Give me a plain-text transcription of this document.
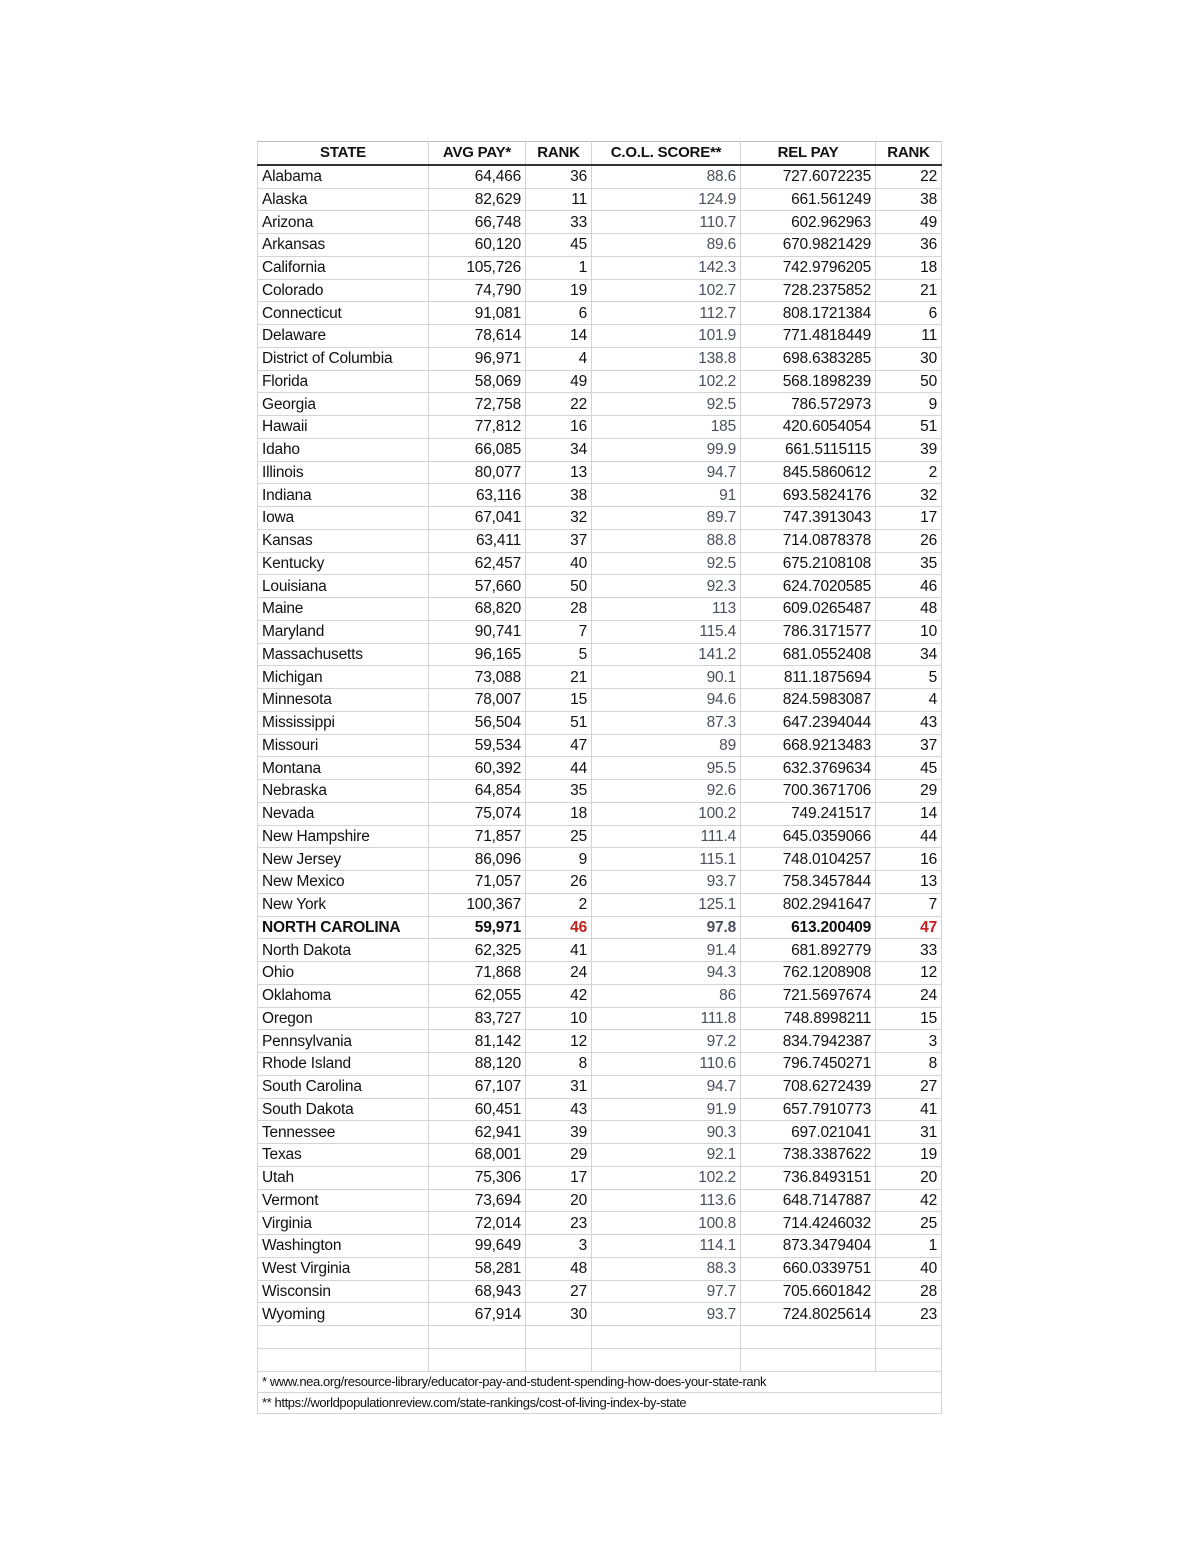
STATE	AVG PAY*	RANK	C.O.L. SCORE**	REL PAY	RANK
Alabama	64,466	36	88.6	727.6072235	22
Alaska	82,629	11	124.9	661.561249	38
Arizona	66,748	33	110.7	602.962963	49
Arkansas	60,120	45	89.6	670.9821429	36
California	105,726	1	142.3	742.9796205	18
Colorado	74,790	19	102.7	728.2375852	21
Connecticut	91,081	6	112.7	808.1721384	6
Delaware	78,614	14	101.9	771.4818449	11
District of Columbia	96,971	4	138.8	698.6383285	30
Florida	58,069	49	102.2	568.1898239	50
Georgia	72,758	22	92.5	786.572973	9
Hawaii	77,812	16	185	420.6054054	51
Idaho	66,085	34	99.9	661.5115115	39
Illinois	80,077	13	94.7	845.5860612	2
Indiana	63,116	38	91	693.5824176	32
Iowa	67,041	32	89.7	747.3913043	17
Kansas	63,411	37	88.8	714.0878378	26
Kentucky	62,457	40	92.5	675.2108108	35
Louisiana	57,660	50	92.3	624.7020585	46
Maine	68,820	28	113	609.0265487	48
Maryland	90,741	7	115.4	786.3171577	10
Massachusetts	96,165	5	141.2	681.0552408	34
Michigan	73,088	21	90.1	811.1875694	5
Minnesota	78,007	15	94.6	824.5983087	4
Mississippi	56,504	51	87.3	647.2394044	43
Missouri	59,534	47	89	668.9213483	37
Montana	60,392	44	95.5	632.3769634	45
Nebraska	64,854	35	92.6	700.3671706	29
Nevada	75,074	18	100.2	749.241517	14
New Hampshire	71,857	25	111.4	645.0359066	44
New Jersey	86,096	9	115.1	748.0104257	16
New Mexico	71,057	26	93.7	758.3457844	13
New York	100,367	2	125.1	802.2941647	7
NORTH CAROLINA	59,971	46	97.8	613.200409	47
North Dakota	62,325	41	91.4	681.892779	33
Ohio	71,868	24	94.3	762.1208908	12
Oklahoma	62,055	42	86	721.5697674	24
Oregon	83,727	10	111.8	748.8998211	15
Pennsylvania	81,142	12	97.2	834.7942387	3
Rhode Island	88,120	8	110.6	796.7450271	8
South Carolina	67,107	31	94.7	708.6272439	27
South Dakota	60,451	43	91.9	657.7910773	41
Tennessee	62,941	39	90.3	697.021041	31
Texas	68,001	29	92.1	738.3387622	19
Utah	75,306	17	102.2	736.8493151	20
Vermont	73,694	20	113.6	648.7147887	42
Virginia	72,014	23	100.8	714.4246032	25
Washington	99,649	3	114.1	873.3479404	1
West Virginia	58,281	48	88.3	660.0339751	40
Wisconsin	68,943	27	97.7	705.6601842	28
Wyoming	67,914	30	93.7	724.8025614	23

* www.nea.org/resource-library/educator-pay-and-student-spending-how-does-your-state-rank					
** https://worldpopulationreview.com/state-rankings/cost-of-living-index-by-state					
